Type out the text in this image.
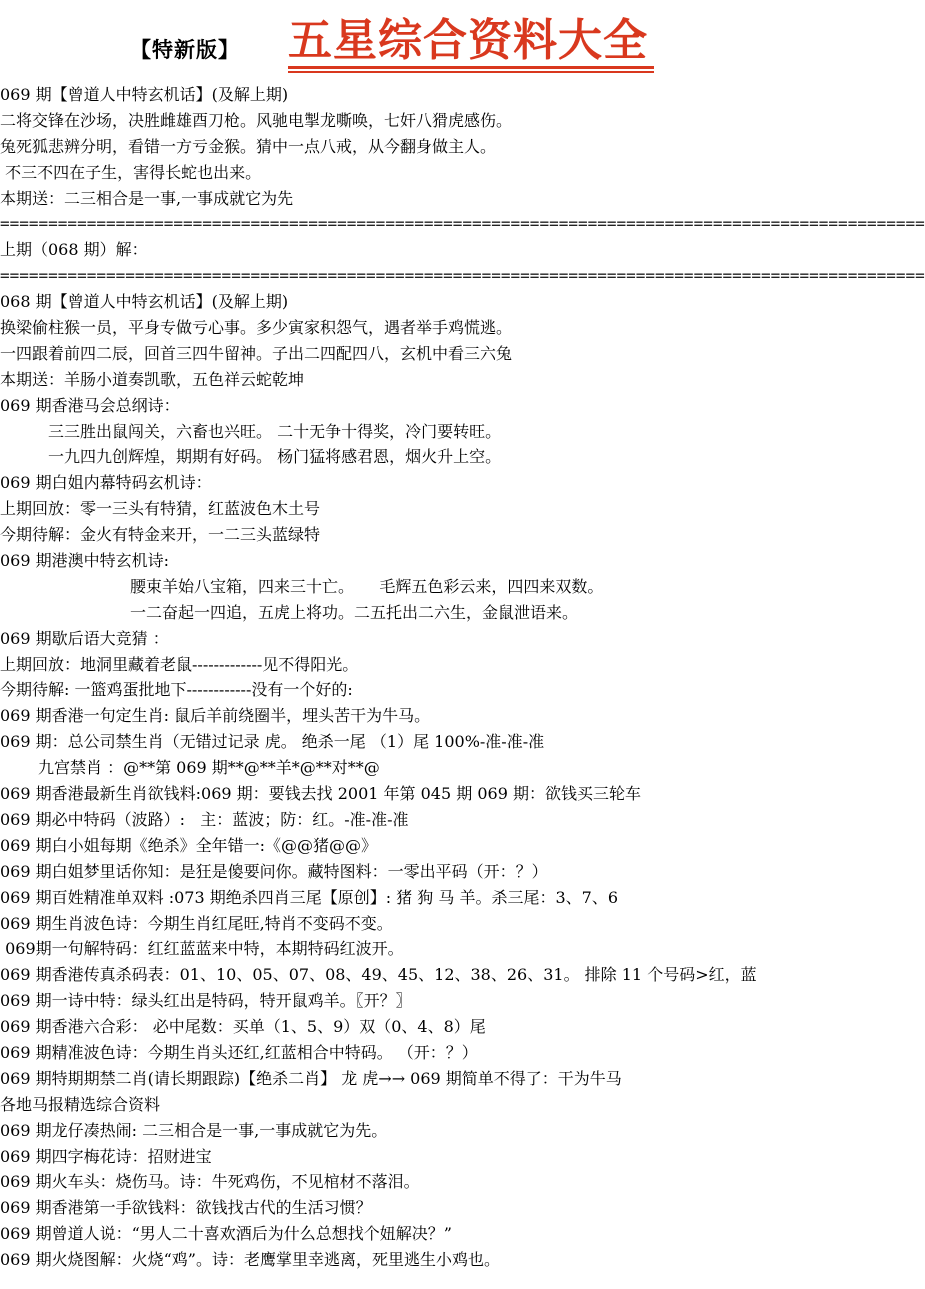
【特新版】 五星综合资料大全
069 期【曾道人中特玄机话】(及解上期)
二将交锋在沙场，决胜雌雄酉刀枪。风驰电掣龙嘶唤，七奸八猾虎感伤。
兔死狐悲辨分明，看错一方亏金猴。猜中一点八戒，从今翻身做主人。
不三不四在子生，害得长蛇也出来。
本期送：二三相合是一事,一事成就它为先
================================================================================================
上期（068 期）解：
================================================================================================
068 期【曾道人中特玄机话】(及解上期)
换梁偷柱猴一员，平身专做亏心事。多少寅家积怨气，遇者举手鸡慌逃。
一四跟着前四二辰，回首三四牛留神。子出二四配四八，玄机中看三六兔
本期送：羊肠小道奏凯歌，五色祥云蛇乾坤
069 期香港马会总纲诗：
三三胜出鼠闯关，六畜也兴旺。 二十无争十得奖，冷门要转旺。
一九四九创辉煌，期期有好码。 杨门猛将感君恩，烟火升上空。
069 期白姐内幕特码玄机诗：
上期回放：零一三头有特猜，红蓝波色木土号
今期待解：金火有特金来开，一二三头蓝绿特
069 期港澳中特玄机诗:
腰束羊始八宝箱，四来三十亡。     毛辉五色彩云来，四四来双数。
一二奋起一四追，五虎上将功。二五托出二六生，金鼠泄语来。
069 期歇后语大竞猜 ：
上期回放：地洞里藏着老鼠-------------见不得阳光。
今期待解: 一篮鸡蛋批地下------------没有一个好的:
069 期香港一句定生肖: 鼠后羊前绕圈半，埋头苦干为牛马。
069 期：总公司禁生肖（无错过记录 虎。 绝杀一尾 （1）尾 100%-准-准-准
九宫禁肖 ：@**第 069 期**@**羊*@**对**@
069 期香港最新生肖欲钱料:069 期：要钱去找 2001 年第 045 期 069 期：欲钱买三轮车
069 期必中特码（波路）:   主：蓝波；防：红。-准-准-准
069 期白小姐每期《绝杀》全年错一:《@@猪@@》
069 期白姐梦里话你知：是狂是傻要问你。藏特图料：一零出平码（开：？）
069 期百姓精准单双料 :073 期绝杀四肖三尾【原创】: 猪 狗 马 羊。杀三尾：3、7、6
069 期生肖波色诗：今期生肖红尾旺,特肖不变码不变。
069期一句解特码：红红蓝蓝来中特，本期特码红波开。
069 期香港传真杀码表：01、10、05、07、08、49、45、12、38、26、31。 排除 11 个号码>红，蓝
069 期一诗中特：绿头红出是特码，特开鼠鸡羊。〖开？〗
069 期香港六合彩： 必中尾数：买单（1、5、9）双（0、4、8）尾
069 期精准波色诗：今期生肖头还红,红蓝相合中特码。 （开：？）
069 期特期期禁二肖(请长期跟踪)【绝杀二肖】 龙 虎→→ 069 期简单不得了：干为牛马
各地马报精选综合资料
069 期龙仔凑热闹: 二三相合是一事,一事成就它为先。
069 期四字梅花诗：招财进宝
069 期火车头：烧伤马。诗：牛死鸡伤，不见棺材不落泪。
069 期香港第一手欲钱料：欲钱找古代的生活习惯？
069 期曾道人说：“男人二十喜欢酒后为什么总想找个妞解决？”
069 期火烧图解：火烧“鸡”。诗：老鹰掌里幸逃离，死里逃生小鸡也。
